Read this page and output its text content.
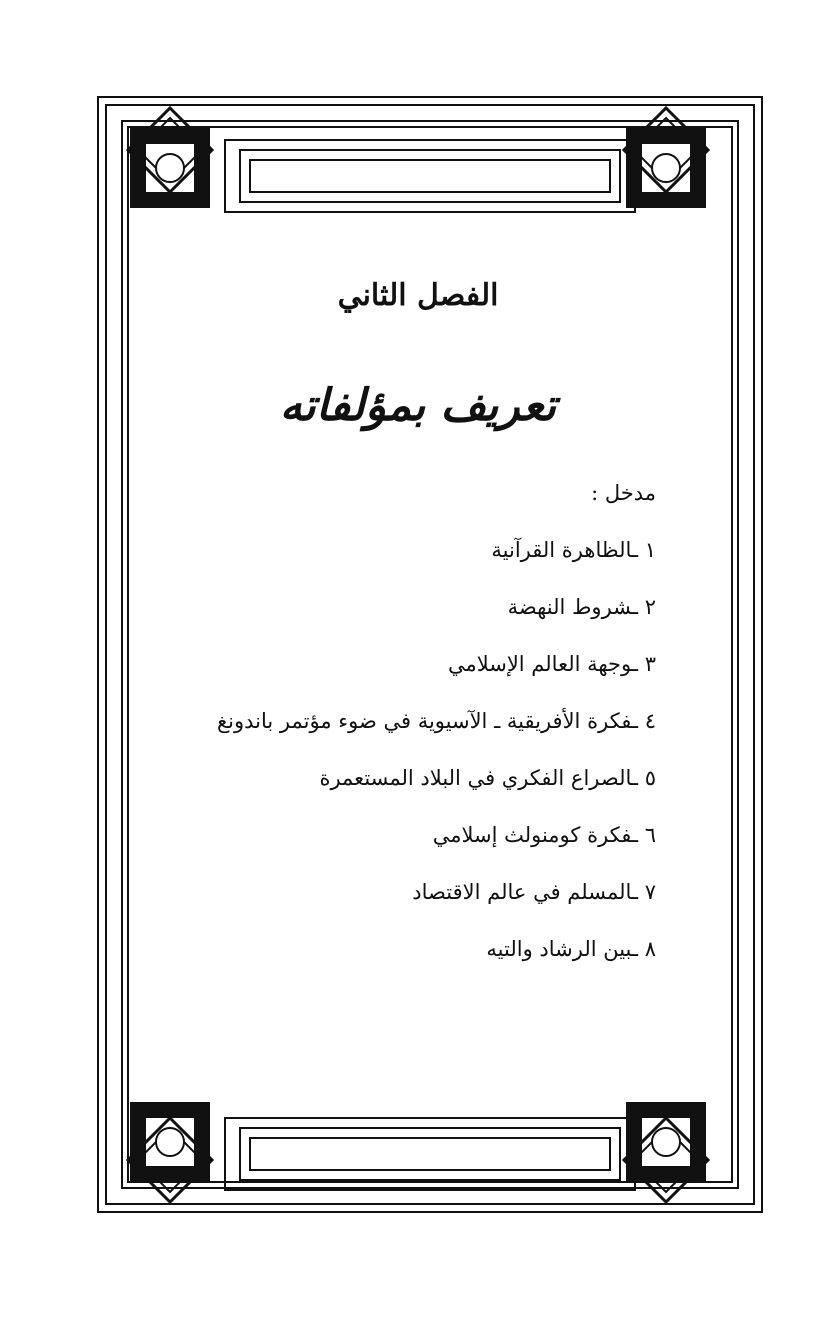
الفصل الثاني
تعريف بمؤلفاته
مدخل :
١ ـالظاهرة القرآنية
٢ ـشروط النهضة
٣ ـوجهة العالم الإسلامي
٤ ـفكرة الأفريقية ـ الآسيوية في ضوء مؤتمر باندونغ
٥ ـالصراع الفكري في البلاد المستعمرة
٦ ـفكرة كومنولث إسلامي
٧ ـالمسلم في عالم الاقتصاد
٨ ـبين الرشاد والتيه
